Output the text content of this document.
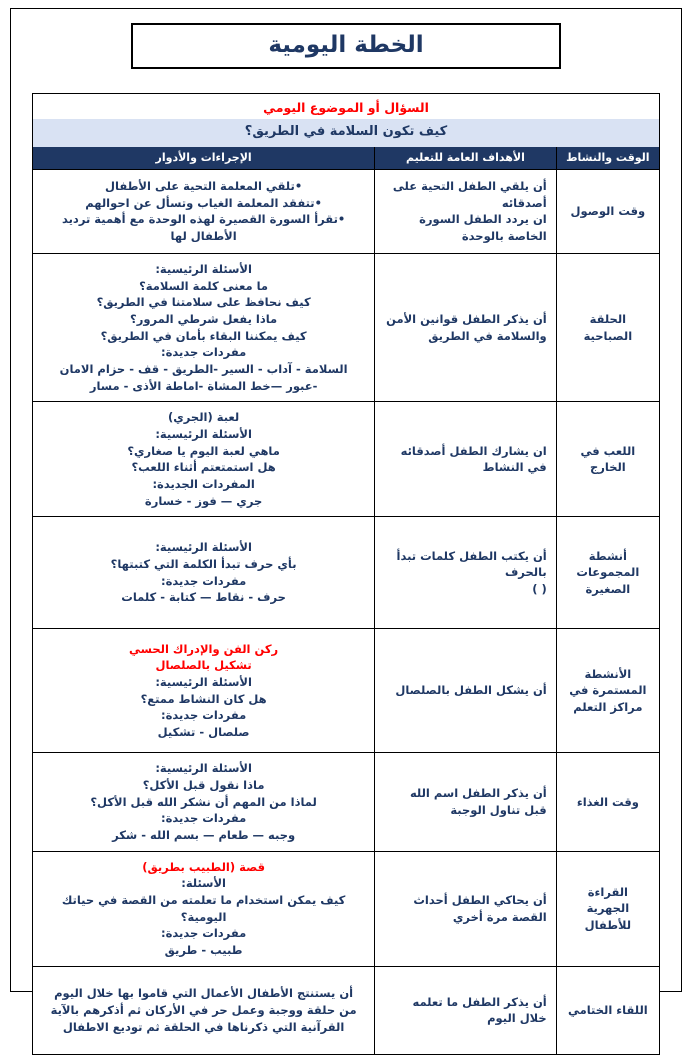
الخطة اليومية
السؤال أو الموضوع اليومي
كيف تكون السلامة في الطريق؟
الوقت والنشاط
الأهداف العامة للتعليم
الإجراءات والأدوار
وقت الوصول
أن يلقي الطفل التحية على أصدقائه
ان يردد الطفل السورة الخاصة بالوحدة
•تلقي المعلمة التحية على الأطفال
•تتفقد المعلمة الغياب وتسأل عن احوالهم
•تقرأ السورة القصيرة لهذه الوحدة مع أهمية ترديد الأطفال لها
الحلقة الصباحية
أن يذكر الطفل قوانين الأمن والسلامة في الطريق
الأسئلة الرئيسية:
ما معنى كلمة السلامة؟
كيف نحافظ على سلامتنا في الطريق؟
ماذا يفعل شرطي المرور؟
كيف يمكننا البقاء بأمان في الطريق؟
مفردات جديدة:
السلامة - آداب - السير -الطريق - قف - حزام الامان -عبور —خط المشاة -اماطة الأذى - مسار
اللعب في الخارج
ان يشارك الطفل أصدقائه في النشاط
لعبة (الجري)
الأسئلة الرئيسية:
ماهي لعبة اليوم يا صغاري؟
هل استمتعتم أثناء اللعب؟
المفردات الجديدة:
جري — فوز - خسارة
أنشطة المجموعات الصغيرة
أن يكتب الطفل كلمات تبدأ بالحرف
( )
الأسئلة الرئيسية:
بأي حرف تبدأ الكلمة التي كتبتها؟
مفردات جديدة:
حرف - نقاط — كتابة - كلمات
الأنشطة المستمرة في مراكز التعلم
أن يشكل الطفل بالصلصال
ركن الفن والإدراك الحسي
تشكيل بالصلصال
الأسئلة الرئيسية:
هل كان النشاط ممتع؟
مفردات جديدة:
صلصال - تشكيل
وقت الغذاء
أن يذكر الطفل اسم الله قبل تناول الوجبة
الأسئلة الرئيسية:
ماذا نقول قبل الأكل؟
لماذا من المهم أن نشكر الله قبل الأكل؟
مفردات جديدة:
وجبه — طعام — بسم الله - شكر
القراءة الجهرية للأطفال
أن يحاكي الطفل أحداث القصة مرة أخري
قصة (الطبيب بطريق)
الأسئلة:
كيف يمكن استخدام ما تعلمته من القصة في حياتك اليومية؟
مفردات جديدة:
طبيب - طريق
اللقاء الختامي
أن يذكر الطفل ما تعلمه خلال اليوم
أن يستنتج الأطفال الأعمال التي قاموا بها خلال اليوم من حلقة ووجبة وعمل حر في الأركان ثم أذكرهم بالآية القرآنية التي ذكرناها في الحلقة ثم توديع الاطفال
